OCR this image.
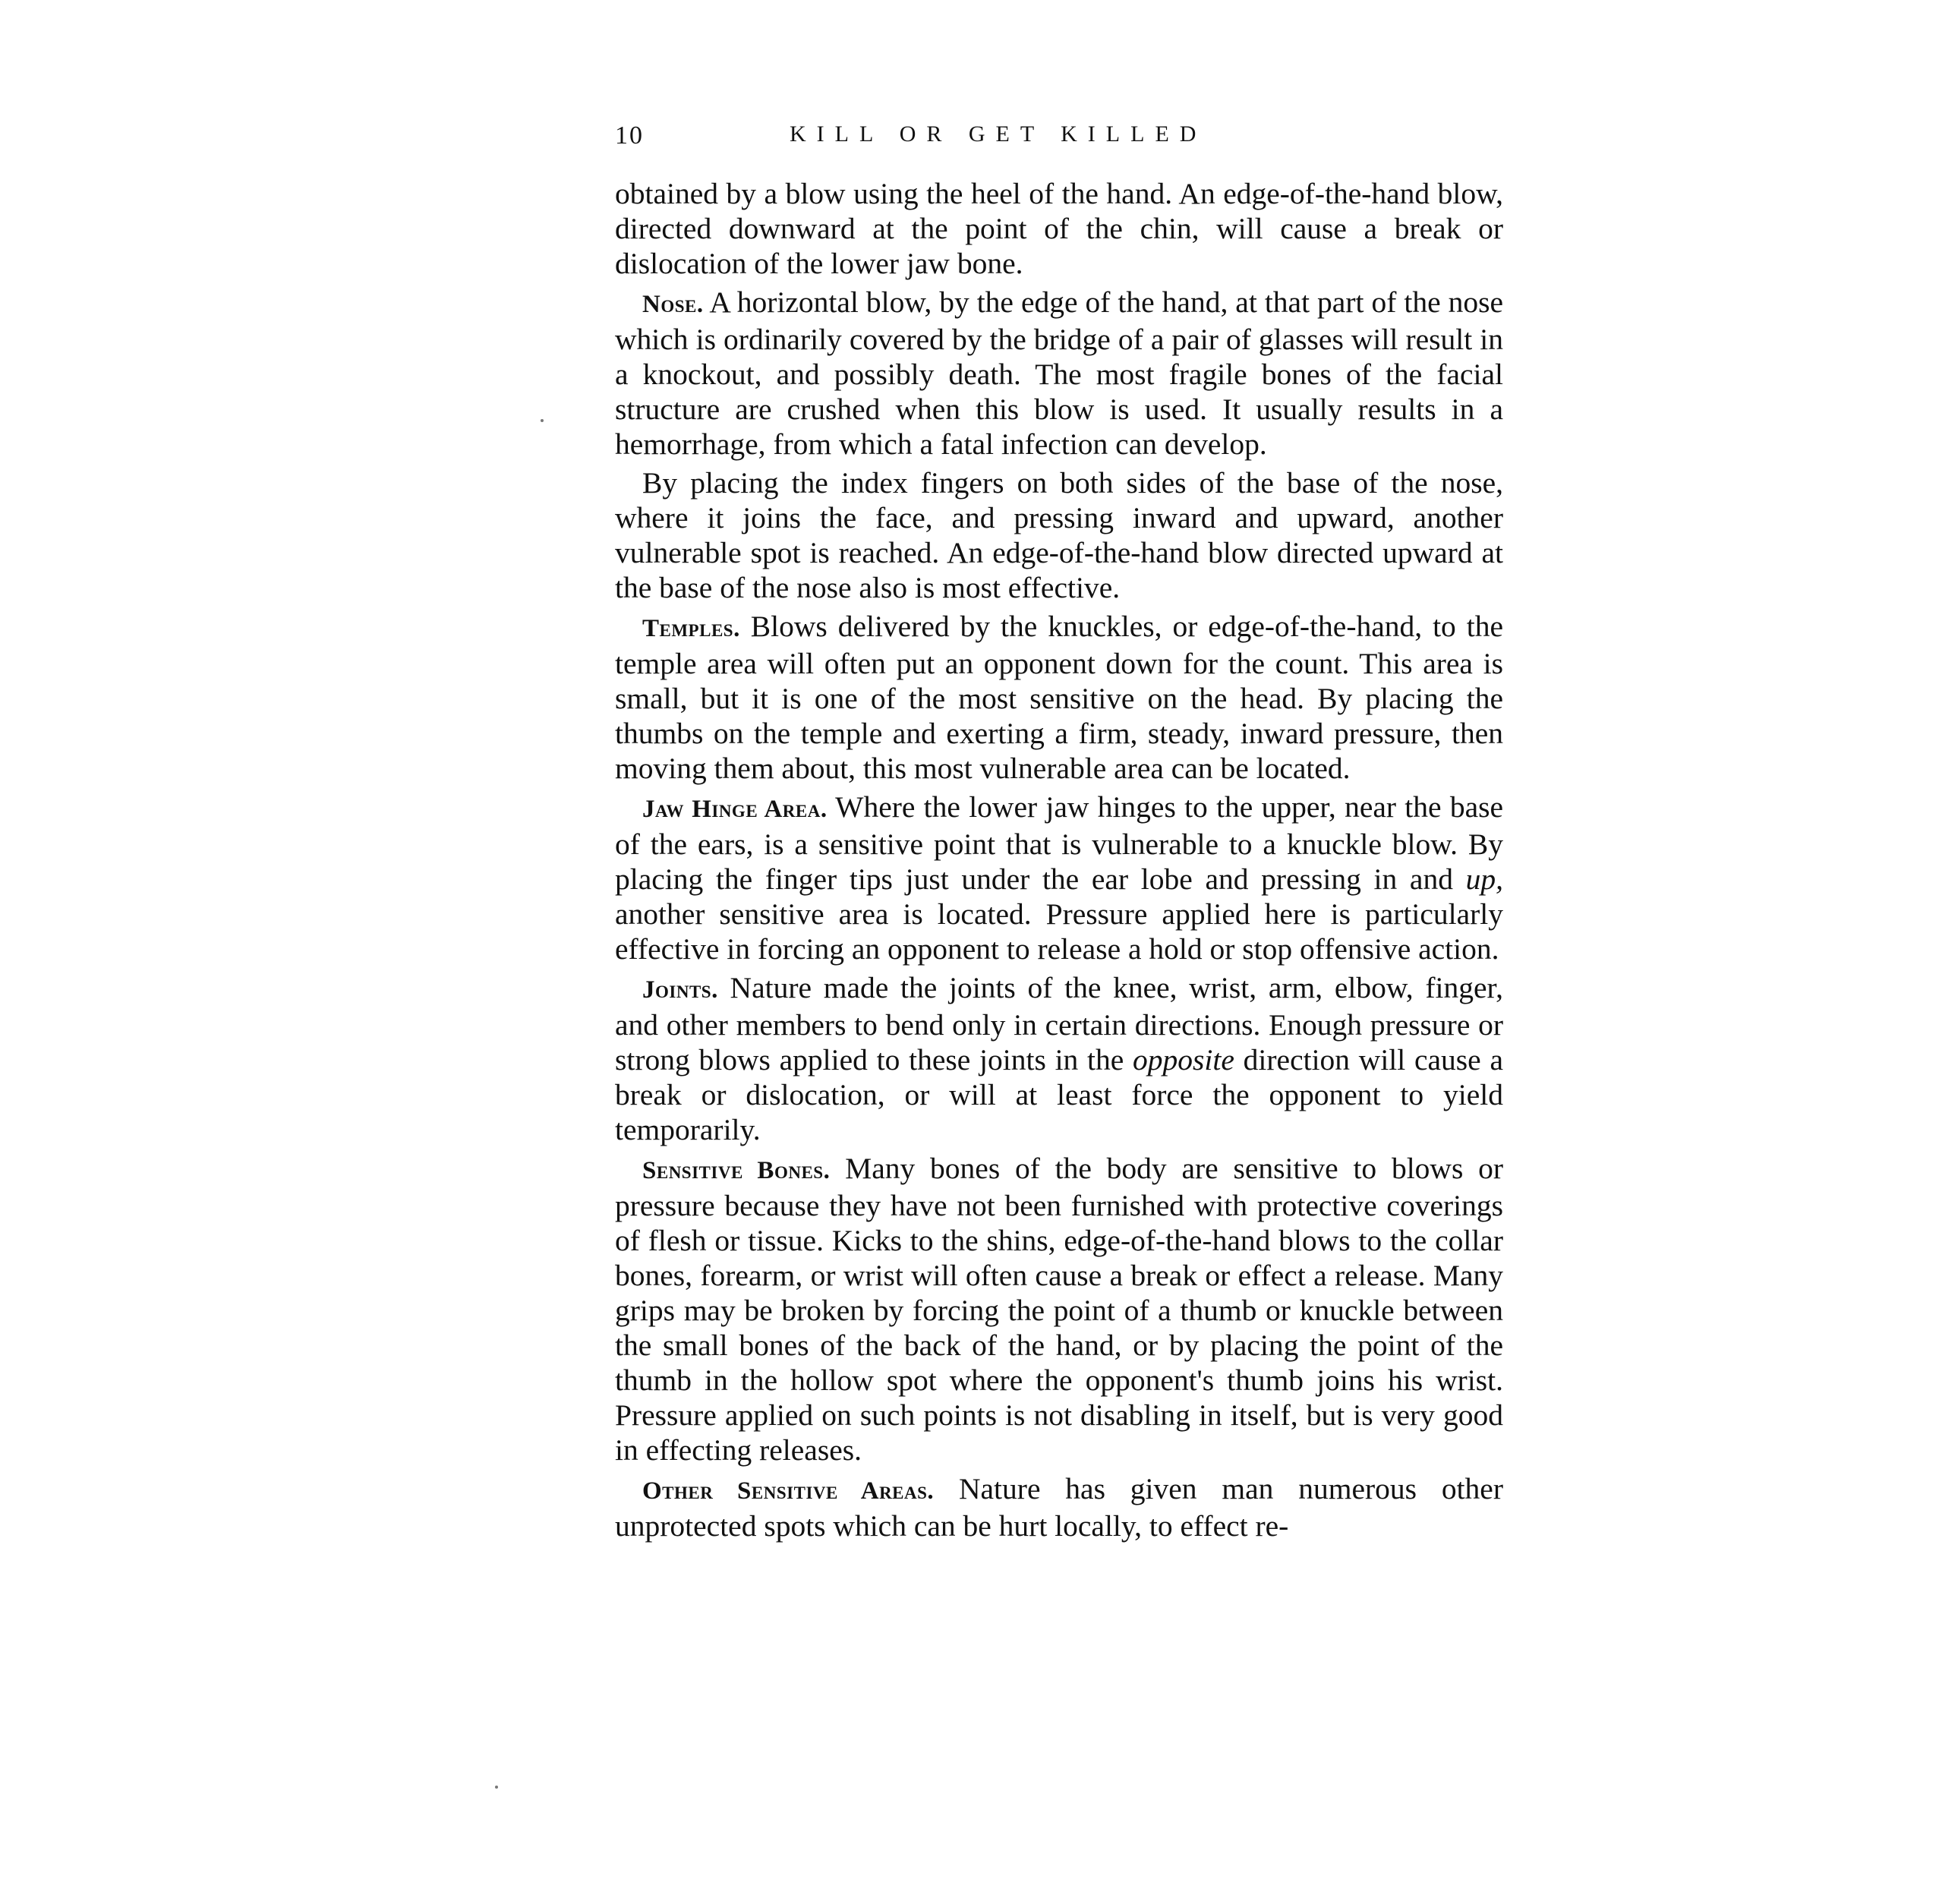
10	KILL OR GET KILLED

obtained by a blow using the heel of the hand. An edge-of-the-hand blow, directed downward at the point of the chin, will cause a break or dislocation of the lower jaw bone.

Nose. A horizontal blow, by the edge of the hand, at that part of the nose which is ordinarily covered by the bridge of a pair of glasses will result in a knockout, and possibly death. The most fragile bones of the facial structure are crushed when this blow is used. It usually results in a hemorrhage, from which a fatal infection can develop.

By placing the index fingers on both sides of the base of the nose, where it joins the face, and pressing inward and upward, another vulnerable spot is reached. An edge-of-the-hand blow directed upward at the base of the nose also is most effective.

Temples. Blows delivered by the knuckles, or edge-of-the-hand, to the temple area will often put an opponent down for the count. This area is small, but it is one of the most sensitive on the head. By placing the thumbs on the temple and exerting a firm, steady, inward pressure, then moving them about, this most vulnerable area can be located.

Jaw Hinge Area. Where the lower jaw hinges to the upper, near the base of the ears, is a sensitive point that is vulnerable to a knuckle blow. By placing the finger tips just under the ear lobe and pressing in and up, another sensitive area is located. Pressure applied here is particularly effective in forcing an opponent to release a hold or stop offensive action.

Joints. Nature made the joints of the knee, wrist, arm, elbow, finger, and other members to bend only in certain directions. Enough pressure or strong blows applied to these joints in the opposite direction will cause a break or dislocation, or will at least force the opponent to yield temporarily.

Sensitive Bones. Many bones of the body are sensitive to blows or pressure because they have not been furnished with protective coverings of flesh or tissue. Kicks to the shins, edge-of-the-hand blows to the collar bones, forearm, or wrist will often cause a break or effect a release. Many grips may be broken by forcing the point of a thumb or knuckle between the small bones of the back of the hand, or by placing the point of the thumb in the hollow spot where the opponent's thumb joins his wrist. Pressure applied on such points is not disabling in itself, but is very good in effecting releases.

Other Sensitive Areas. Nature has given man numerous other unprotected spots which can be hurt locally, to effect re-
